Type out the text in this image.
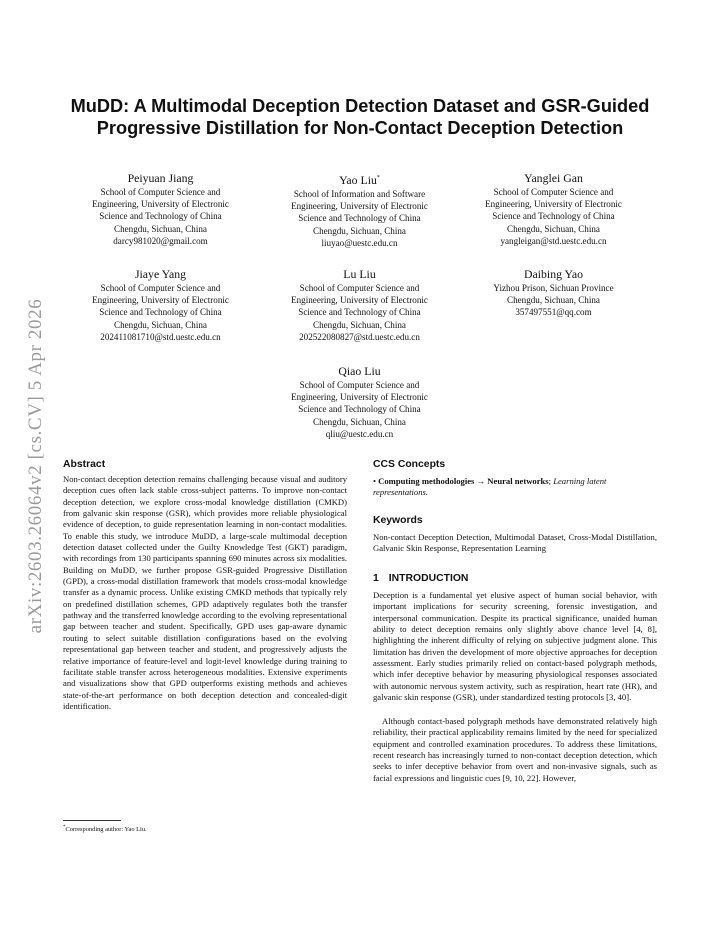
arXiv:2603.26064v2 [cs.CV] 5 Apr 2026
MuDD: A Multimodal Deception Detection Dataset and GSR-Guided Progressive Distillation for Non-Contact Deception Detection
Peiyuan Jiang
School of Computer Science and
Engineering, University of Electronic
Science and Technology of China
Chengdu, Sichuan, China
darcy981020@gmail.com
Yao Liu*
School of Information and Software
Engineering, University of Electronic
Science and Technology of China
Chengdu, Sichuan, China
liuyao@uestc.edu.cn
Yanglei Gan
School of Computer Science and
Engineering, University of Electronic
Science and Technology of China
Chengdu, Sichuan, China
yangleigan@std.uestc.edu.cn
Jiaye Yang
School of Computer Science and
Engineering, University of Electronic
Science and Technology of China
Chengdu, Sichuan, China
202411081710@std.uestc.edu.cn
Lu Liu
School of Computer Science and
Engineering, University of Electronic
Science and Technology of China
Chengdu, Sichuan, China
202522080827@std.uestc.edu.cn
Daibing Yao
Yizhou Prison, Sichuan Province
Chengdu, Sichuan, China
357497551@qq.com
Qiao Liu
School of Computer Science and
Engineering, University of Electronic
Science and Technology of China
Chengdu, Sichuan, China
qliu@uestc.edu.cn
Abstract

Non-contact deception detection remains challenging because visual and auditory deception cues often lack stable cross-subject patterns. To improve non-contact deception detection, we explore cross-modal knowledge distillation (CMKD) from galvanic skin response (GSR), which provides more reliable physiological evidence of deception, to guide representation learning in non-contact modalities. To enable this study, we introduce MuDD, a large-scale multimodal deception detection dataset collected under the Guilty Knowledge Test (GKT) paradigm, with recordings from 130 participants spanning 690 minutes across six modalities. Building on MuDD, we further propose GSR-guided Progressive Distillation (GPD), a cross-modal distillation framework that models cross-modal knowledge transfer as a dynamic process. Unlike existing CMKD methods that typically rely on predefined distillation schemes, GPD adaptively regulates both the transfer pathway and the transferred knowledge according to the evolving representational gap between teacher and student. Specifically, GPD uses gap-aware dynamic routing to select suitable distillation configurations based on the evolving representational gap between teacher and student, and progressively adjusts the relative importance of feature-level and logit-level knowledge during training to facilitate stable transfer across heterogeneous modalities. Extensive experiments and visualizations show that GPD outperforms existing methods and achieves state-of-the-art performance on both deception detection and concealed-digit identification.

*Corresponding author: Yao Liu.

CCS Concepts

• Computing methodologies → Neural networks; Learning latent representations.

Keywords

Non-contact Deception Detection, Multimodal Dataset, Cross-Modal Distillation, Galvanic Skin Response, Representation Learning

1 INTRODUCTION

Deception is a fundamental yet elusive aspect of human social behavior, with important implications for security screening, forensic investigation, and interpersonal communication. Despite its practical significance, unaided human ability to detect deception remains only slightly above chance level [4, 8], highlighting the inherent difficulty of relying on subjective judgment alone. This limitation has driven the development of more objective approaches for deception assessment. Early studies primarily relied on contact-based polygraph methods, which infer deceptive behavior by measuring physiological responses associated with autonomic nervous system activity, such as respiration, heart rate (HR), and galvanic skin response (GSR), under standardized testing protocols [3, 40].

Although contact-based polygraph methods have demonstrated relatively high reliability, their practical applicability remains limited by the need for specialized equipment and controlled examination procedures. To address these limitations, recent research has increasingly turned to non-contact deception detection, which seeks to infer deceptive behavior from overt and non-invasive signals, such as facial expressions and linguistic cues [9, 10, 22]. However,
